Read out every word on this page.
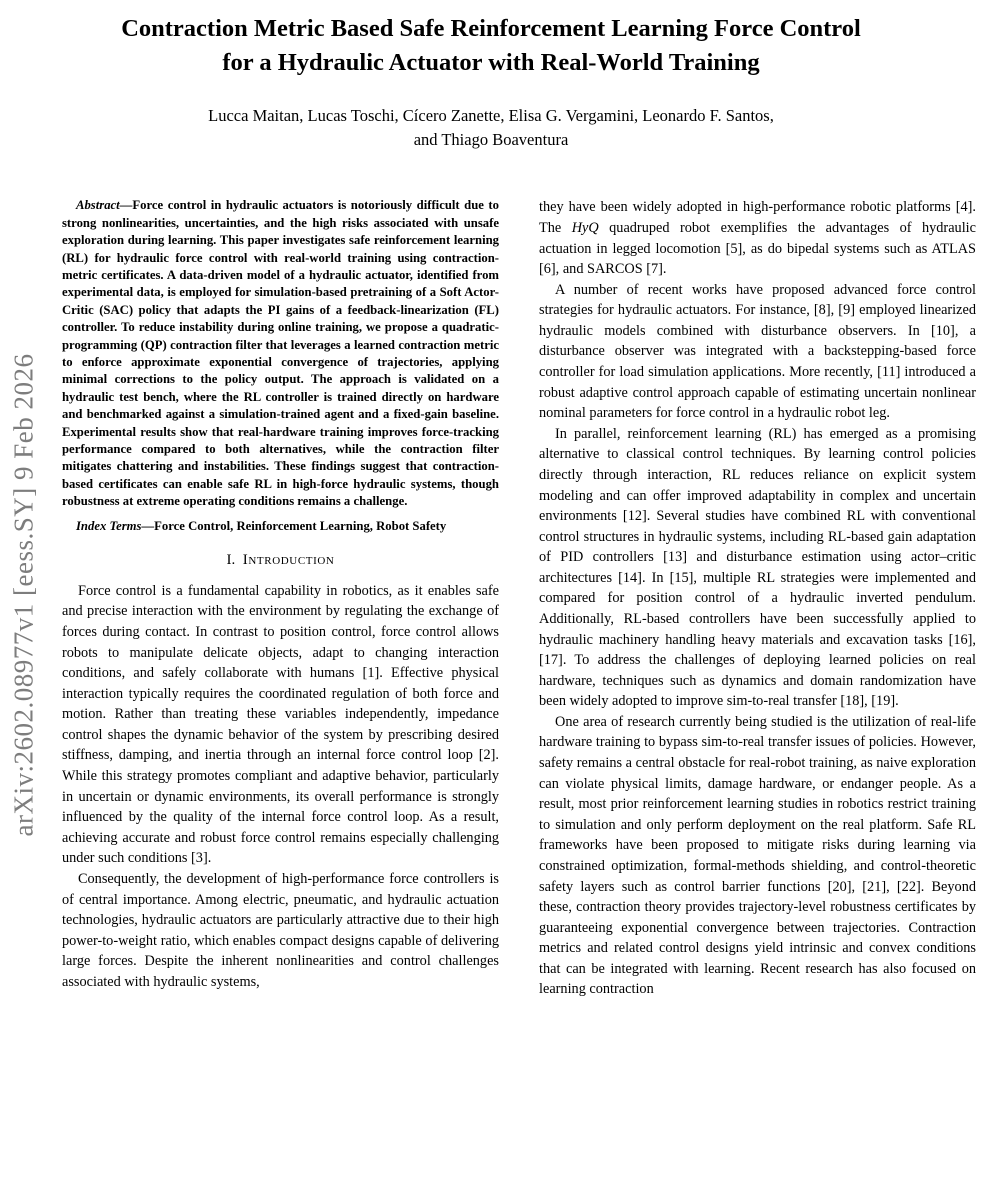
arXiv:2602.08977v1 [eess.SY] 9 Feb 2026
Contraction Metric Based Safe Reinforcement Learning Force Control
for a Hydraulic Actuator with Real-World Training
Lucca Maitan, Lucas Toschi, Cícero Zanette, Elisa G. Vergamini, Leonardo F. Santos,
and Thiago Boaventura

Abstract—Force control in hydraulic actuators is notoriously difficult due to strong nonlinearities, uncertainties, and the high risks associated with unsafe exploration during learning. This paper investigates safe reinforcement learning (RL) for hydraulic force control with real-world training using contraction-metric certificates. A data-driven model of a hydraulic actuator, identified from experimental data, is employed for simulation-based pretraining of a Soft Actor-Critic (SAC) policy that adapts the PI gains of a feedback-linearization (FL) controller. To reduce instability during online training, we propose a quadratic-programming (QP) contraction filter that leverages a learned contraction metric to enforce approximate exponential convergence of trajectories, applying minimal corrections to the policy output. The approach is validated on a hydraulic test bench, where the RL controller is trained directly on hardware and benchmarked against a simulation-trained agent and a fixed-gain baseline. Experimental results show that real-hardware training improves force-tracking performance compared to both alternatives, while the contraction filter mitigates chattering and instabilities. These findings suggest that contraction-based certificates can enable safe RL in high-force hydraulic systems, though robustness at extreme operating conditions remains a challenge.

Index Terms—Force Control, Reinforcement Learning, Robot Safety

I. Introduction

Force control is a fundamental capability in robotics, as it enables safe and precise interaction with the environment by regulating the exchange of forces during contact. In contrast to position control, force control allows robots to manipulate delicate objects, adapt to changing interaction conditions, and safely collaborate with humans [1]. Effective physical interaction typically requires the coordinated regulation of both force and motion. Rather than treating these variables independently, impedance control shapes the dynamic behavior of the system by prescribing desired stiffness, damping, and inertia through an internal force control loop [2]. While this strategy promotes compliant and adaptive behavior, particularly in uncertain or dynamic environments, its overall performance is strongly influenced by the quality of the internal force control loop. As a result, achieving accurate and robust force control remains especially challenging under such conditions [3].

Consequently, the development of high-performance force controllers is of central importance. Among electric, pneumatic, and hydraulic actuation technologies, hydraulic actuators are particularly attractive due to their high power-to-weight ratio, which enables compact designs capable of delivering large forces. Despite the inherent nonlinearities and control challenges associated with hydraulic systems,

they have been widely adopted in high-performance robotic platforms [4]. The HyQ quadruped robot exemplifies the advantages of hydraulic actuation in legged locomotion [5], as do bipedal systems such as ATLAS [6], and SARCOS [7].

A number of recent works have proposed advanced force control strategies for hydraulic actuators. For instance, [8], [9] employed linearized hydraulic models combined with disturbance observers. In [10], a disturbance observer was integrated with a backstepping-based force controller for load simulation applications. More recently, [11] introduced a robust adaptive control approach capable of estimating uncertain nonlinear nominal parameters for force control in a hydraulic robot leg.

In parallel, reinforcement learning (RL) has emerged as a promising alternative to classical control techniques. By learning control policies directly through interaction, RL reduces reliance on explicit system modeling and can offer improved adaptability in complex and uncertain environments [12]. Several studies have combined RL with conventional control structures in hydraulic systems, including RL-based gain adaptation of PID controllers [13] and disturbance estimation using actor–critic architectures [14]. In [15], multiple RL strategies were implemented and compared for position control of a hydraulic inverted pendulum. Additionally, RL-based controllers have been successfully applied to hydraulic machinery handling heavy materials and excavation tasks [16], [17]. To address the challenges of deploying learned policies on real hardware, techniques such as dynamics and domain randomization have been widely adopted to improve sim-to-real transfer [18], [19].

One area of research currently being studied is the utilization of real-life hardware training to bypass sim-to-real transfer issues of policies. However, safety remains a central obstacle for real-robot training, as naive exploration can violate physical limits, damage hardware, or endanger people. As a result, most prior reinforcement learning studies in robotics restrict training to simulation and only perform deployment on the real platform. Safe RL frameworks have been proposed to mitigate risks during learning via constrained optimization, formal-methods shielding, and control-theoretic safety layers such as control barrier functions [20], [21], [22]. Beyond these, contraction theory provides trajectory-level robustness certificates by guaranteeing exponential convergence between trajectories. Contraction metrics and related control designs yield intrinsic and convex conditions that can be integrated with learning. Recent research has also focused on learning contraction
